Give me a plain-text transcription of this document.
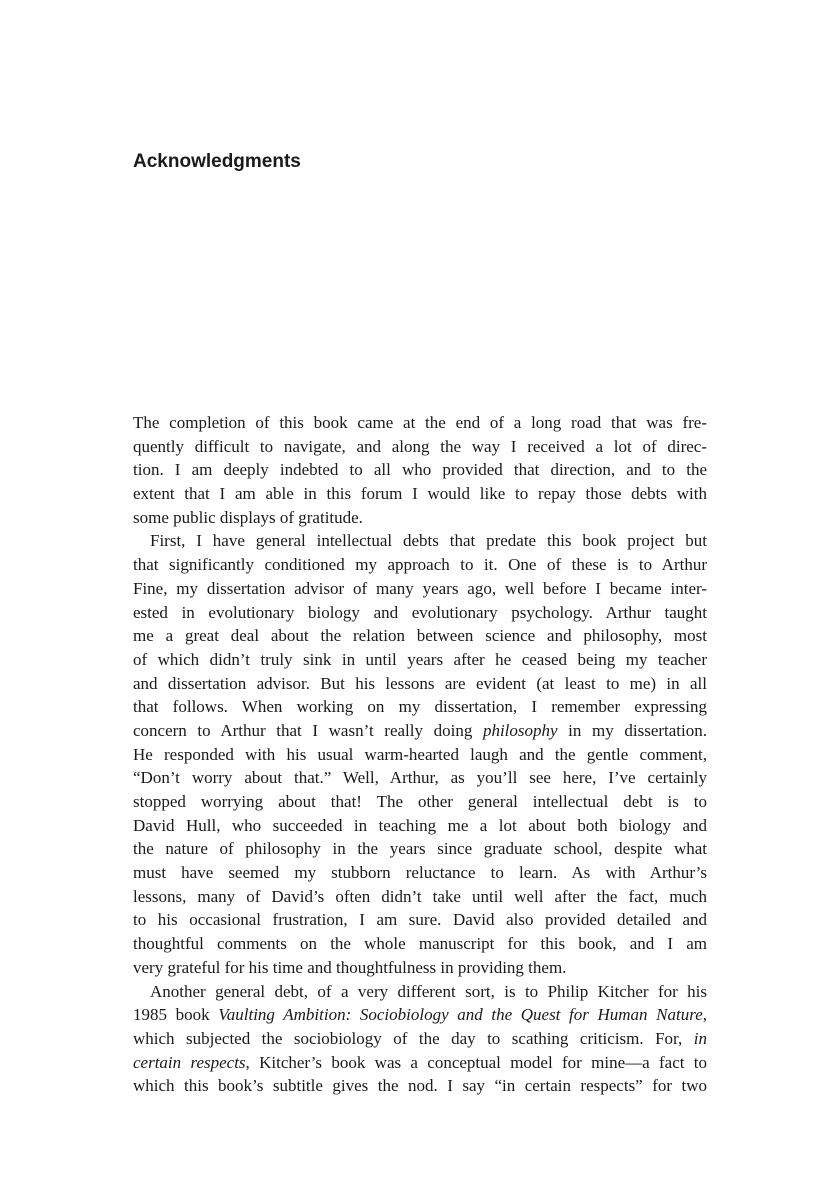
Acknowledgments
The completion of this book came at the end of a long road that was fre-
quently difficult to navigate, and along the way I received a lot of direc-
tion. I am deeply indebted to all who provided that direction, and to the
extent that I am able in this forum I would like to repay those debts with
some public displays of gratitude.
First, I have general intellectual debts that predate this book project but
that significantly conditioned my approach to it. One of these is to Arthur
Fine, my dissertation advisor of many years ago, well before I became inter-
ested in evolutionary biology and evolutionary psychology. Arthur taught
me a great deal about the relation between science and philosophy, most
of which didn’t truly sink in until years after he ceased being my teacher
and dissertation advisor. But his lessons are evident (at least to me) in all
that follows. When working on my dissertation, I remember expressing
concern to Arthur that I wasn’t really doing philosophy in my dissertation.
He responded with his usual warm-hearted laugh and the gentle comment,
“Don’t worry about that.” Well, Arthur, as you’ll see here, I’ve certainly
stopped worrying about that! The other general intellectual debt is to
David Hull, who succeeded in teaching me a lot about both biology and
the nature of philosophy in the years since graduate school, despite what
must have seemed my stubborn reluctance to learn. As with Arthur’s
lessons, many of David’s often didn’t take until well after the fact, much
to his occasional frustration, I am sure. David also provided detailed and
thoughtful comments on the whole manuscript for this book, and I am
very grateful for his time and thoughtfulness in providing them.
Another general debt, of a very different sort, is to Philip Kitcher for his
1985 book Vaulting Ambition: Sociobiology and the Quest for Human Nature,
which subjected the sociobiology of the day to scathing criticism. For, in
certain respects, Kitcher’s book was a conceptual model for mine—a fact to
which this book’s subtitle gives the nod. I say “in certain respects” for two
